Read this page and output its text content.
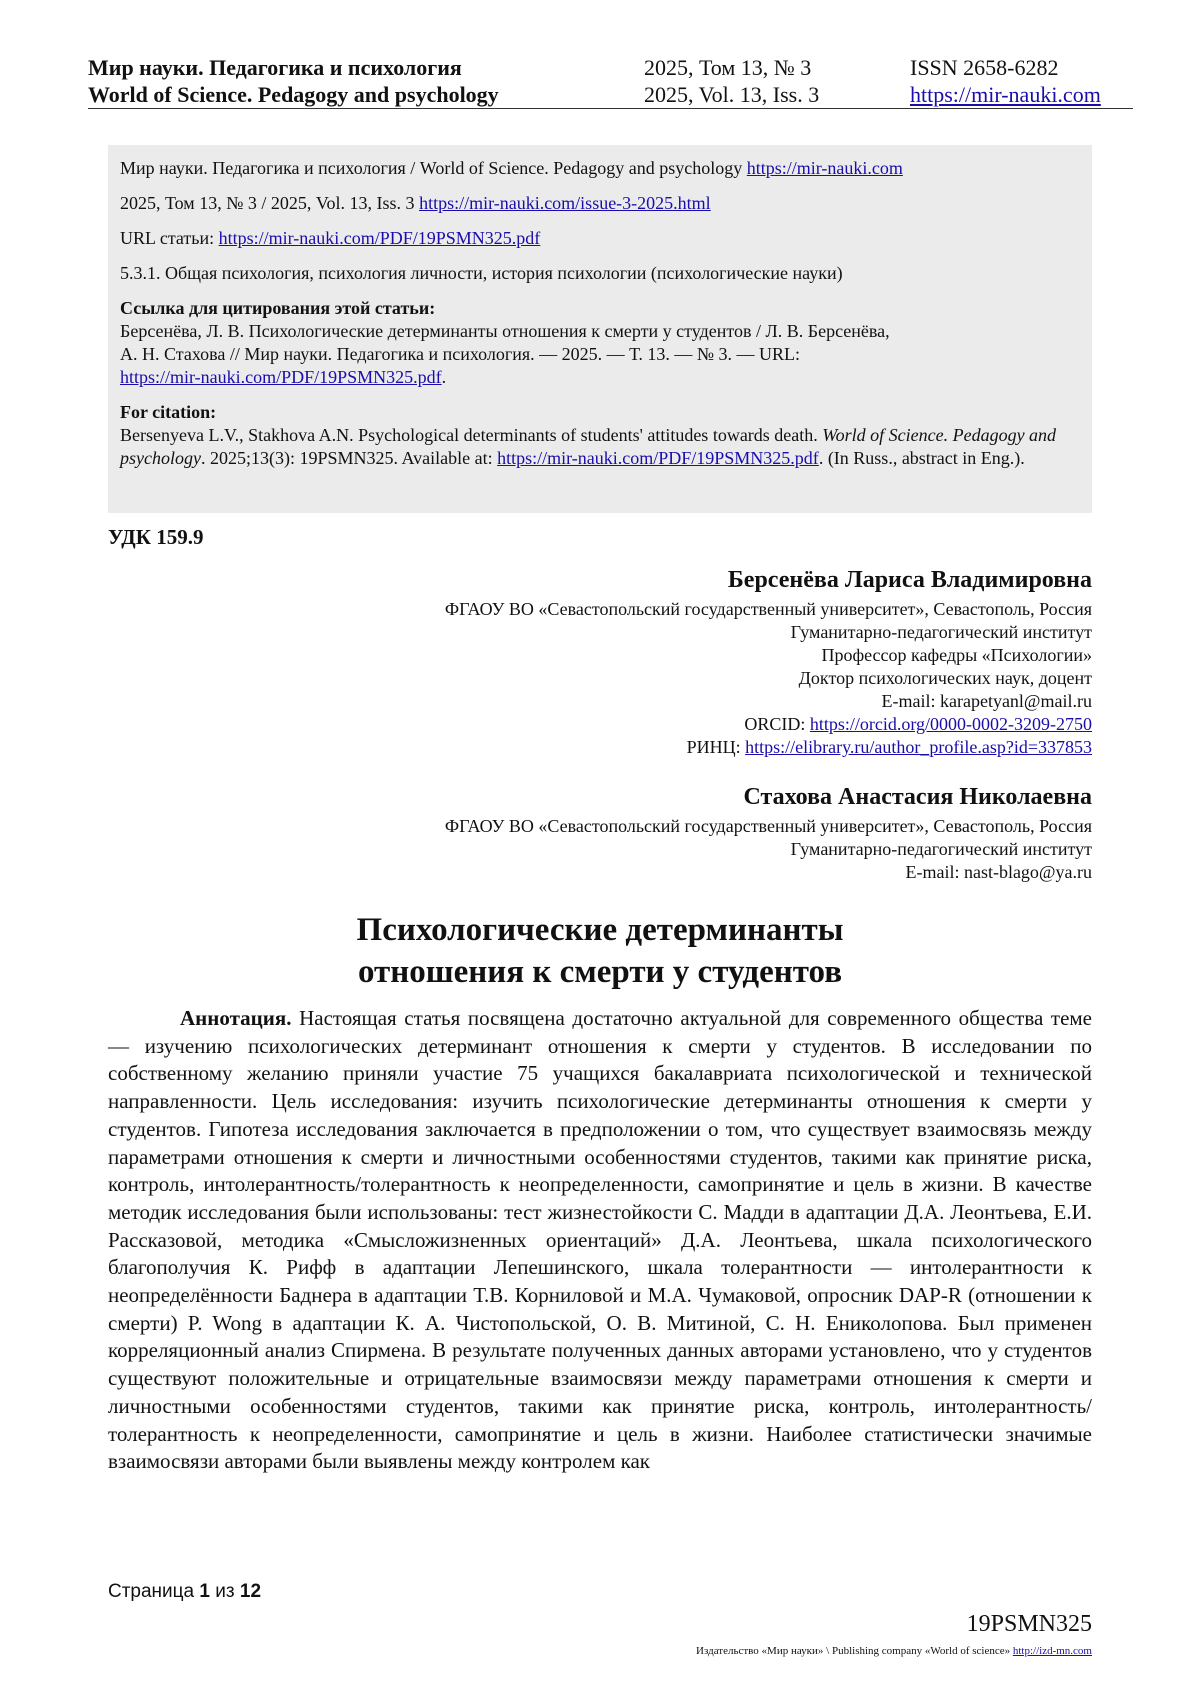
Мир науки. Педагогика и психология
World of Science. Pedagogy and psychology
2025, Том 13, № 3
2025, Vol. 13, Iss. 3
ISSN 2658-6282
https://mir-nauki.com

Мир науки. Педагогика и психология / World of Science. Pedagogy and psychology https://mir-nauki.com

2025, Том 13, № 3 / 2025, Vol. 13, Iss. 3 https://mir-nauki.com/issue-3-2025.html

URL статьи: https://mir-nauki.com/PDF/19PSMN325.pdf

5.3.1. Общая психология, психология личности, история психологии (психологические науки)

Ссылка для цитирования этой статьи:
Берсенёва, Л. В. Психологические детерминанты отношения к смерти у студентов / Л. В. Берсенёва,
А. Н. Стахова // Мир науки. Педагогика и психология. — 2025. — Т. 13. — № 3. — URL:
https://mir-nauki.com/PDF/19PSMN325.pdf.

For citation:
Bersenyeva L.V., Stakhova A.N. Psychological determinants of students' attitudes towards death. World of Science. Pedagogy and psychology. 2025;13(3): 19PSMN325. Available at: https://mir-nauki.com/PDF/19PSMN325.pdf. (In Russ., abstract in Eng.).

УДК 159.9
Берсенёва Лариса Владимировна
ФГАОУ ВО «Севастопольский государственный университет», Севастополь, Россия
Гуманитарно-педагогический институт
Профессор кафедры «Психологии»
Доктор психологических наук, доцент
E-mail: karapetyanl@mail.ru
ORCID: https://orcid.org/0000-0002-3209-2750
РИНЦ: https://elibrary.ru/author_profile.asp?id=337853
Стахова Анастасия Николаевна
ФГАОУ ВО «Севастопольский государственный университет», Севастополь, Россия
Гуманитарно-педагогический институт
E-mail: nast-blago@ya.ru
Психологические детерминанты
отношения к смерти у студентов
Аннотация. Настоящая статья посвящена достаточно актуальной для современного общества теме — изучению психологических детерминант отношения к смерти у студентов. В исследовании по собственному желанию приняли участие 75 учащихся бакалавриата психологической и технической направленности. Цель исследования: изучить психологические детерминанты отношения к смерти у студентов. Гипотеза исследования заключается в предположении о том, что существует взаимосвязь между параметрами отношения к смерти и личностными особенностями студентов, такими как принятие риска, контроль, интолерантность/толерантность к неопределенности, самопринятие и цель в жизни. В качестве методик исследования были использованы: тест жизнестойкости С. Мадди в адаптации Д.А. Леонтьева, Е.И. Рассказовой, методика «Смысложизненных ориентаций» Д.А. Леонтьева, шкала психологического благополучия К. Рифф в адаптации Лепешинского, шкала толерантности — интолерантности к неопределённости Баднера в адаптации Т.В. Корниловой и М.А. Чумаковой, опросник DAP-R (отношении к смерти) P. Wong в адаптации К. А. Чистопольской, О. В. Митиной, С. Н. Ениколопова. Был применен корреляционный анализ Спирмена. В результате полученных данных авторами установлено, что у студентов существуют положительные и отрицательные взаимосвязи между параметрами отношения к смерти и личностными особенностями студентов, такими как принятие риска, контроль, интолерантность/толерантность к неопределенности, самопринятие и цель в жизни. Наиболее статистически значимые взаимосвязи авторами были выявлены между контролем как
Страница 1 из 12
19PSMN325
Издательство «Мир науки» \ Publishing company «World of science» http://izd-mn.com
